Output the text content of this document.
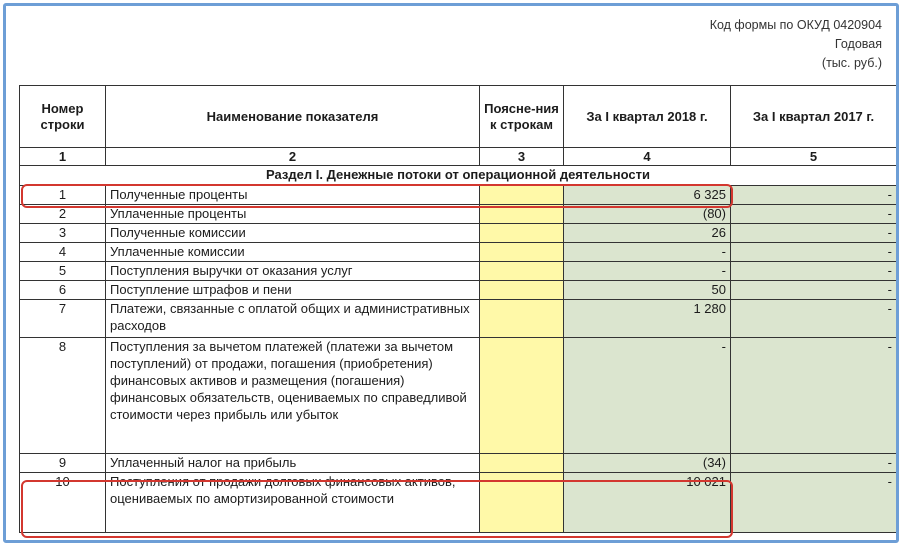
Код формы по ОКУД 0420904
Годовая
(тыс. руб.)
Номер строки	Наименование показателя	Поясне-ния к строкам	За I квартал 2018 г.	За I квартал 2017 г.
1	2	3	4	5
Раздел I. Денежные потоки от операционной деятельности				
1	Полученные проценты		6 325	-
2	Уплаченные проценты		(80)	-
3	Полученные комиссии		26	-
4	Уплаченные комиссии		-	-
5	Поступления выручки от оказания услуг		-	-
6	Поступление штрафов и пени		50	-
7	Платежи, связанные с оплатой общих и административных расходов		1 280	-
8	Поступления за вычетом платежей (платежи за вычетом поступлений) от продажи, погашения (приобретения) финансовых активов и размещения (погашения) финансовых обязательств, оцениваемых по справедливой стоимости через прибыль или убыток		-	-
9	Уплаченный налог на прибыль		(34)	-
10	Поступления от продажи долговых финансовых активов, оцениваемых по амортизированной стоимости		10 021	-
